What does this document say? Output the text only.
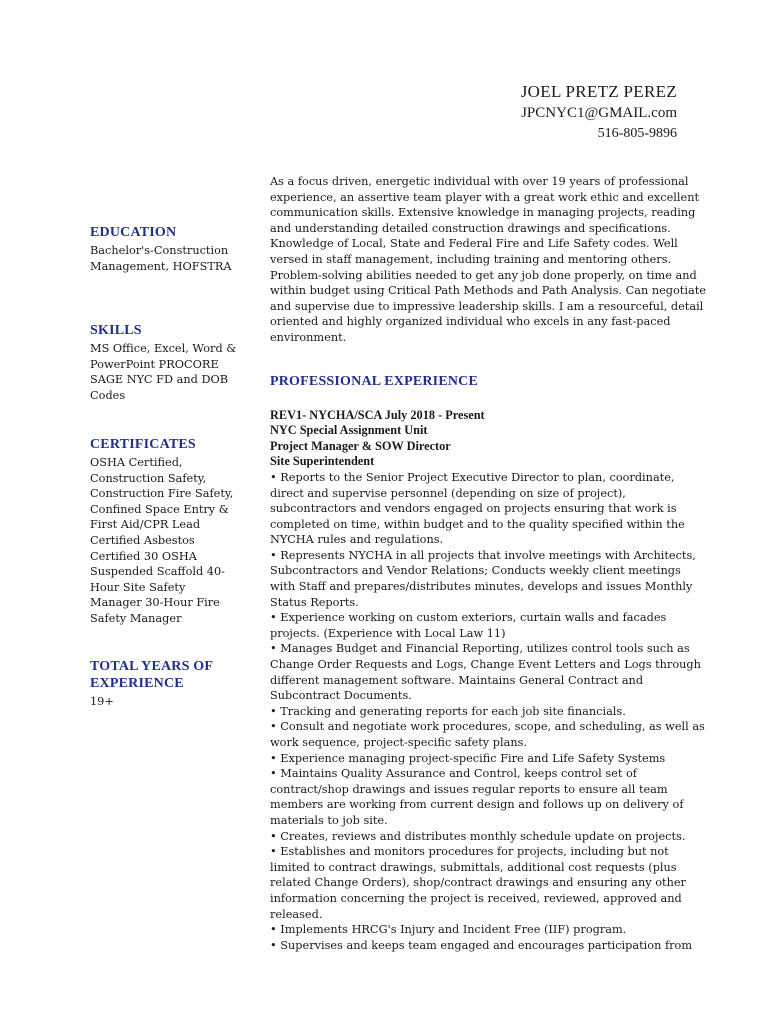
JOEL PRETZ PEREZ
JPCNYC1@GMAIL.com
516-805-9896
EDUCATION
Bachelor's-Construction Management, HOFSTRA
SKILLS
MS Office, Excel, Word & PowerPoint PROCORE SAGE NYC FD and DOB Codes
CERTIFICATES
OSHA Certified, Construction Safety, Construction Fire Safety, Confined Space Entry & First Aid/CPR Lead Certified Asbestos Certified 30 OSHA Suspended Scaffold 40-Hour Site Safety Manager 30-Hour Fire Safety Manager
TOTAL YEARS OF EXPERIENCE
19+

As a focus driven, energetic individual with over 19 years of professional experience, an assertive team player with a great work ethic and excellent communication skills. Extensive knowledge in managing projects, reading and understanding detailed construction drawings and specifications. Knowledge of Local, State and Federal Fire and Life Safety codes. Well versed in staff management, including training and mentoring others. Problem-solving abilities needed to get any job done properly, on time and within budget using Critical Path Methods and Path Analysis. Can negotiate and supervise due to impressive leadership skills. I am a resourceful, detail oriented and highly organized individual who excels in any fast-paced environment.

PROFESSIONAL EXPERIENCE
REV1- NYCHA/SCA July 2018 - Present
NYC Special Assignment Unit
Project Manager & SOW Director
Site Superintendent
• Reports to the Senior Project Executive Director to plan, coordinate, direct and supervise personnel (depending on size of project), subcontractors and vendors engaged on projects ensuring that work is completed on time, within budget and to the quality specified within the NYCHA rules and regulations.
• Represents NYCHA in all projects that involve meetings with Architects, Subcontractors and Vendor Relations; Conducts weekly client meetings with Staff and prepares/distributes minutes, develops and issues Monthly Status Reports.
• Experience working on custom exteriors, curtain walls and facades projects. (Experience with Local Law 11)
• Manages Budget and Financial Reporting, utilizes control tools such as Change Order Requests and Logs, Change Event Letters and Logs through different management software. Maintains General Contract and Subcontract Documents.
• Tracking and generating reports for each job site financials.
• Consult and negotiate work procedures, scope, and scheduling, as well as work sequence, project-specific safety plans.
• Experience managing project-specific Fire and Life Safety Systems
• Maintains Quality Assurance and Control, keeps control set of contract/shop drawings and issues regular reports to ensure all team members are working from current design and follows up on delivery of materials to job site.
• Creates, reviews and distributes monthly schedule update on projects.
• Establishes and monitors procedures for projects, including but not limited to contract drawings, submittals, additional cost requests (plus related Change Orders), shop/contract drawings and ensuring any other information concerning the project is received, reviewed, approved and released.
• Implements HRCG's Injury and Incident Free (IIF) program.
• Supervises and keeps team engaged and encourages participation from
